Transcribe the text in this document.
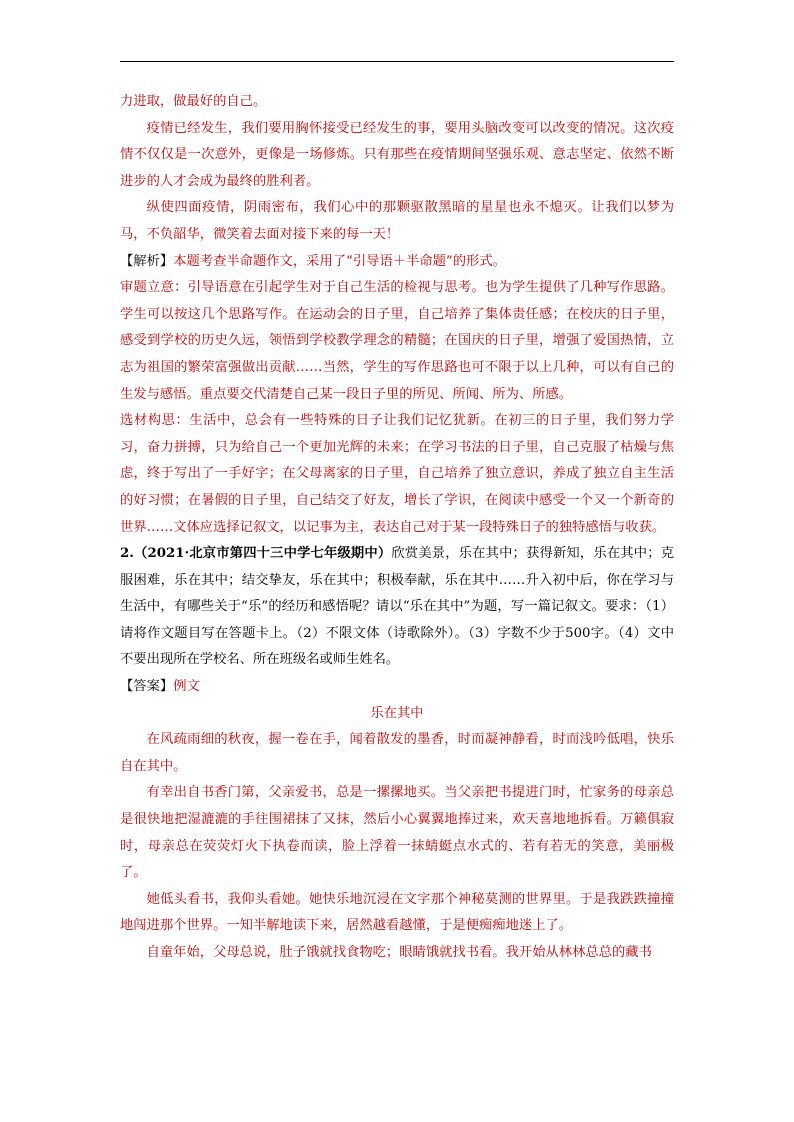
力进取，做最好的自己。

疫情已经发生，我们要用胸怀接受已经发生的事，要用头脑改变可以改变的情况。这次疫情不仅仅是一次意外，更像是一场修炼。只有那些在疫情期间坚强乐观、意志坚定、依然不断进步的人才会成为最终的胜利者。

纵使四面疫情，阴雨密布，我们心中的那颗驱散黑暗的星星也永不熄灭。让我们以梦为马，不负韶华，微笑着去面对接下来的每一天！

【解析】本题考查半命题作文，采用了“引导语＋半命题”的形式。

审题立意：引导语意在引起学生对于自己生活的检视与思考。也为学生提供了几种写作思路。学生可以按这几个思路写作。在运动会的日子里，自己培养了集体责任感；在校庆的日子里，感受到学校的历史久远，领悟到学校教学理念的精髓；在国庆的日子里，增强了爱国热情，立志为祖国的繁荣富强做出贡献……当然，学生的写作思路也可不限于以上几种，可以有自己的生发与感悟。重点要交代清楚自己某一段日子里的所见、所闻、所为、所感。

选材构思：生活中，总会有一些特殊的日子让我们记忆犹新。在初三的日子里，我们努力学习，奋力拼搏，只为给自己一个更加光辉的未来；在学习书法的日子里，自己克服了枯燥与焦虑，终于写出了一手好字；在父母离家的日子里，自己培养了独立意识，养成了独立自主生活的好习惯；在暑假的日子里，自己结交了好友，增长了学识，在阅读中感受一个又一个新奇的世界……文体应选择记叙文，以记事为主，表达自己对于某一段特殊日子的独特感悟与收获。

2.（2021·北京市第四十三中学七年级期中）欣赏美景，乐在其中；获得新知，乐在其中；克服困难，乐在其中；结交挚友，乐在其中；积极奉献，乐在其中……升入初中后，你在学习与生活中，有哪些关于“乐”的经历和感悟呢？请以“乐在其中”为题，写一篇记叙文。要求：（1）请将作文题目写在答题卡上。（2）不限文体（诗歌除外）。（3）字数不少于500字。（4）文中不要出现所在学校名、所在班级名或师生姓名。

【答案】例文

乐在其中

在风疏雨细的秋夜，握一卷在手，闻着散发的墨香，时而凝神静看，时而浅吟低唱，快乐自在其中。

有幸出自书香门第，父亲爱书，总是一摞摞地买。当父亲把书提进门时，忙家务的母亲总是很快地把湿漉漉的手往围裙抹了又抹，然后小心翼翼地捧过来，欢天喜地地拆看。万籁俱寂时，母亲总在荧荧灯火下执卷而读，脸上浮着一抹蜻蜓点水式的、若有若无的笑意，美丽极了。

她低头看书，我仰头看她。她快乐地沉浸在文字那个神秘莫测的世界里。于是我跌跌撞撞地闯进那个世界。一知半解地读下来，居然越看越懂，于是便痴痴地迷上了。

自童年始，父母总说，肚子饿就找食物吃；眼睛饿就找书看。我开始从林林总总的藏书
